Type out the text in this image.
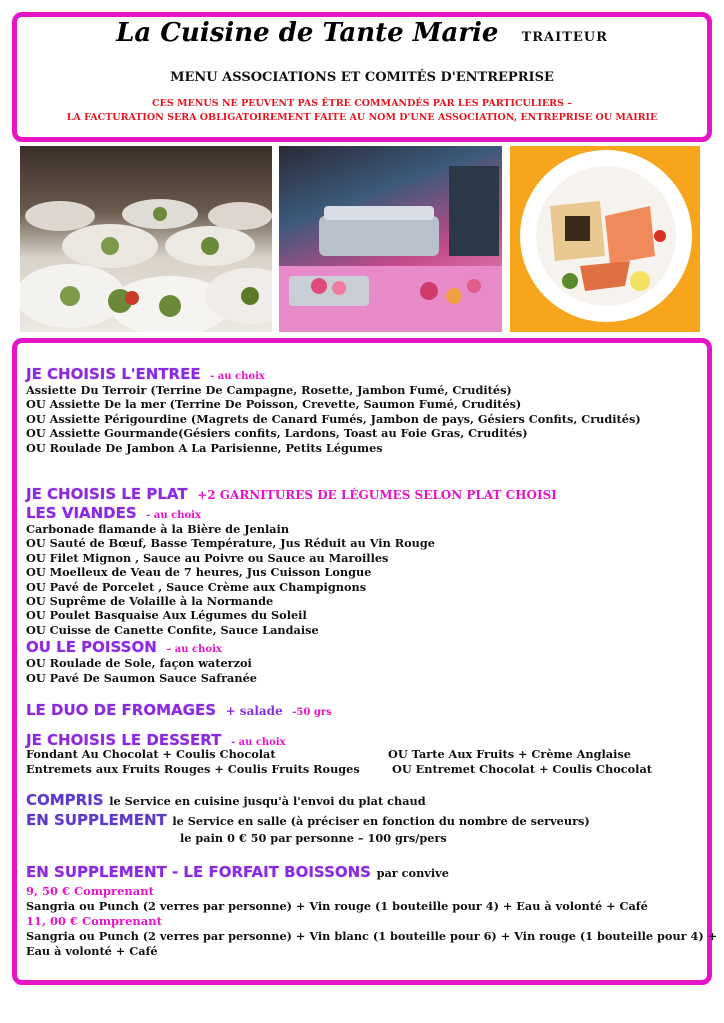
La Cuisine de Tante Marie TRAITEUR
MENU ASSOCIATIONS ET COMITÉS D'ENTREPRISE
CES MENUS NE PEUVENT PAS ÊTRE COMMANDÉS PAR LES PARTICULIERS –
LA FACTURATION SERA OBLIGATOIREMENT FAITE AU NOM D'UNE ASSOCIATION, ENTREPRISE OU MAIRIE
JE CHOISIS L'ENTREE - au choix
Assiette Du Terroir (Terrine De Campagne, Rosette, Jambon Fumé, Crudités)
OU Assiette De la mer (Terrine De Poisson, Crevette, Saumon Fumé, Crudités)
OU Assiette Périgourdine (Magrets de Canard Fumés, Jambon de pays, Gésiers Confits, Crudités)
OU Assiette Gourmande(Gésiers confits, Lardons, Toast au Foie Gras, Crudités)
OU Roulade De Jambon A La Parisienne, Petits Légumes
JE CHOISIS LE PLAT +2 GARNITURES DE LÉGUMES SELON PLAT CHOISI
LES VIANDES - au choix
Carbonade flamande à la Bière de Jenlain
OU Sauté de Bœuf, Basse Température, Jus Réduit au Vin Rouge
OU Filet Mignon , Sauce au Poivre ou Sauce au Maroilles
OU Moelleux de Veau de 7 heures, Jus Cuisson Longue
OU Pavé de Porcelet , Sauce Crème aux Champignons
OU Suprême de Volaille à la Normande
OU Poulet Basquaise Aux Légumes du Soleil
OU Cuisse de Canette Confite, Sauce Landaise
OU LE POISSON – au choix
OU Roulade de Sole, façon waterzoi
OU Pavé De Saumon Sauce Safranée
LE DUO DE FROMAGES + salade -50 grs
JE CHOISIS LE DESSERT - au choix
Fondant Au Chocolat + Coulis Chocolat
Entremets aux Fruits Rouges + Coulis Fruits Rouges
OU Tarte Aux Fruits + Crème Anglaise
OU Entremet Chocolat + Coulis Chocolat
COMPRIS le Service en cuisine jusqu'à l'envoi du plat chaud
EN SUPPLEMENT le Service en salle (à préciser en fonction du nombre de serveurs)
le pain 0 € 50 par personne – 100 grs/pers
EN SUPPLEMENT - LE FORFAIT BOISSONS par convive
9, 50 € Comprenant
Sangria ou Punch (2 verres par personne) + Vin rouge (1 bouteille pour 4) + Eau à volonté + Café
11, 00 € Comprenant
Sangria ou Punch (2 verres par personne) + Vin blanc (1 bouteille pour 6) + Vin rouge (1 bouteille pour 4) +
Eau à volonté + Café
